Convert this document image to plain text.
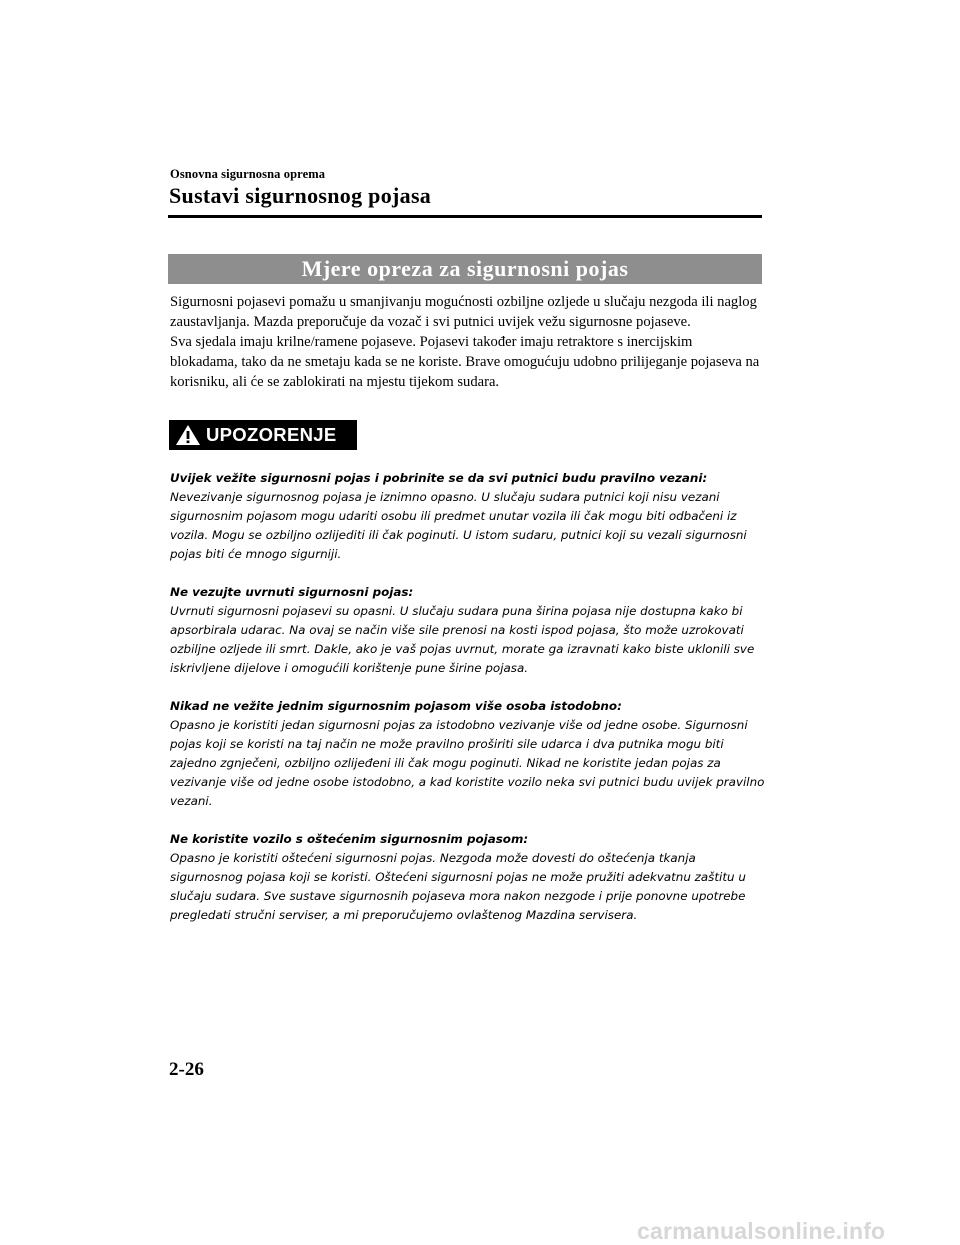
Osnovna sigurnosna oprema
Sustavi sigurnosnog pojasa
Mjere opreza za sigurnosni pojas

Sigurnosni pojasevi pomažu u smanjivanju mogućnosti ozbiljne ozljede u slučaju nezgoda ili naglog zaustavljanja. Mazda preporučuje da vozač i svi putnici uvijek vežu sigurnosne pojaseve.

Sva sjedala imaju krilne/ramene pojaseve. Pojasevi također imaju retraktore s inercijskim blokadama, tako da ne smetaju kada se ne koriste. Brave omogućuju udobno prilijeganje pojaseva na korisniku, ali će se zablokirati na mjestu tijekom sudara.

UPOZORENJE

Uvijek vežite sigurnosni pojas i pobrinite se da svi putnici budu pravilno vezani:

Nevezivanje sigurnosnog pojasa je iznimno opasno. U slučaju sudara putnici koji nisu vezani sigurnosnim pojasom mogu udariti osobu ili predmet unutar vozila ili čak mogu biti odbačeni iz vozila. Mogu se ozbiljno ozlijediti ili čak poginuti. U istom sudaru, putnici koji su vezali sigurnosni pojas biti će mnogo sigurniji.

Ne vezujte uvrnuti sigurnosni pojas:

Uvrnuti sigurnosni pojasevi su opasni. U slučaju sudara puna širina pojasa nije dostupna kako bi apsorbirala udarac. Na ovaj se način više sile prenosi na kosti ispod pojasa, što može uzrokovati ozbiljne ozljede ili smrt. Dakle, ako je vaš pojas uvrnut, morate ga izravnati kako biste uklonili sve iskrivljene dijelove i omogućili korištenje pune širine pojasa.

Nikad ne vežite jednim sigurnosnim pojasom više osoba istodobno:

Opasno je koristiti jedan sigurnosni pojas za istodobno vezivanje više od jedne osobe. Sigurnosni pojas koji se koristi na taj način ne može pravilno proširiti sile udarca i dva putnika mogu biti zajedno zgnječeni, ozbiljno ozlijeđeni ili čak mogu poginuti. Nikad ne koristite jedan pojas za vezivanje više od jedne osobe istodobno, a kad koristite vozilo neka svi putnici budu uvijek pravilno vezani.

Ne koristite vozilo s oštećenim sigurnosnim pojasom:

Opasno je koristiti oštećeni sigurnosni pojas. Nezgoda može dovesti do oštećenja tkanja sigurnosnog pojasa koji se koristi. Oštećeni sigurnosni pojas ne može pružiti adekvatnu zaštitu u slučaju sudara. Sve sustave sigurnosnih pojaseva mora nakon nezgode i prije ponovne upotrebe pregledati stručni serviser, a mi preporučujemo ovlaštenog Mazdina servisera.

2-26
carmanualsonline.info
